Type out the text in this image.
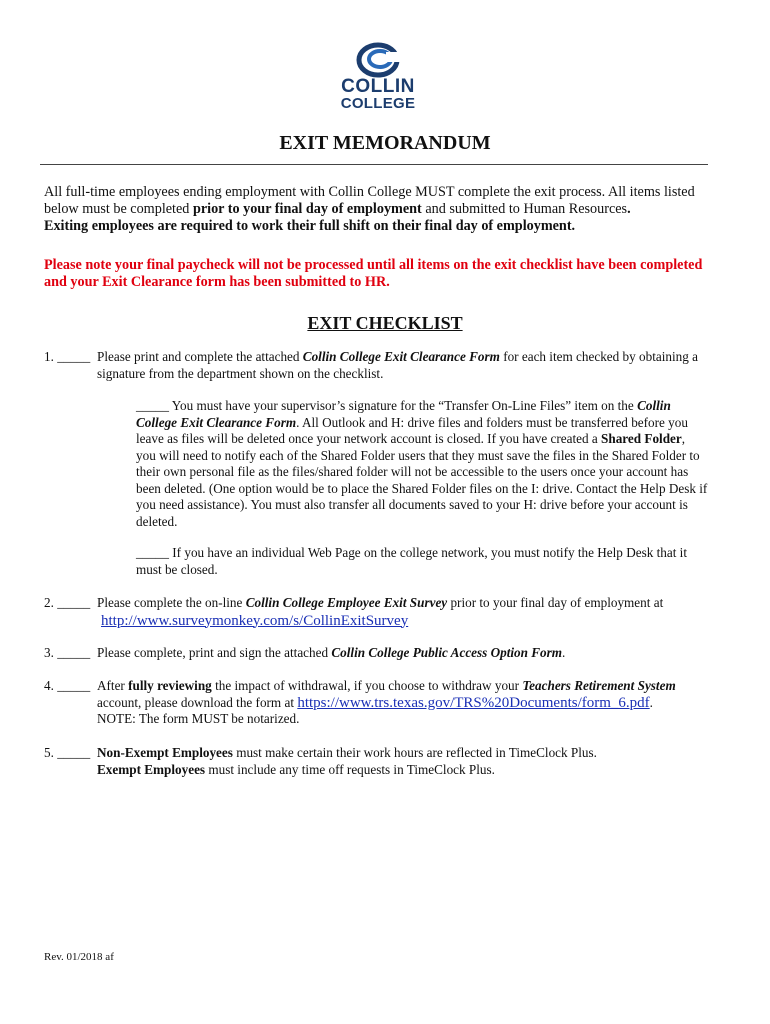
COLLIN
COLLEGE
EXIT MEMORANDUM
All full-time employees ending employment with Collin College MUST complete the exit process. All items listed below must be completed prior to your final day of employment and submitted to Human Resources.
Exiting employees are required to work their full shift on their final day of employment.
Please note your final paycheck will not be processed until all items on the exit checklist have been completed and your Exit Clearance form has been submitted to HR.
EXIT CHECKLIST
1. _____ Please print and complete the attached Collin College Exit Clearance Form for each item checked by obtaining a signature from the department shown on the checklist.
_____ You must have your supervisor’s signature for the “Transfer On-Line Files” item on the Collin College Exit Clearance Form. All Outlook and H: drive files and folders must be transferred before you leave as files will be deleted once your network account is closed. If you have created a Shared Folder, you will need to notify each of the Shared Folder users that they must save the files in the Shared Folder to their own personal file as the files/shared folder will not be accessible to the users once your account has been deleted. (One option would be to place the Shared Folder files on the I: drive. Contact the Help Desk if you need assistance). You must also transfer all documents saved to your H: drive before your account is deleted.
_____ If you have an individual Web Page on the college network, you must notify the Help Desk that it must be closed.
2. _____ Please complete the on-line Collin College Employee Exit Survey prior to your final day of employment at
http://www.surveymonkey.com/s/CollinExitSurvey
3. _____ Please complete, print and sign the attached Collin College Public Access Option Form.
4. _____ After fully reviewing the impact of withdrawal, if you choose to withdraw your Teachers Retirement System account, please download the form at https://www.trs.texas.gov/TRS%20Documents/form_6.pdf.
NOTE: The form MUST be notarized.
5. _____ Non-Exempt Employees must make certain their work hours are reflected in TimeClock Plus.
Exempt Employees must include any time off requests in TimeClock Plus.
Rev. 01/2018 af
